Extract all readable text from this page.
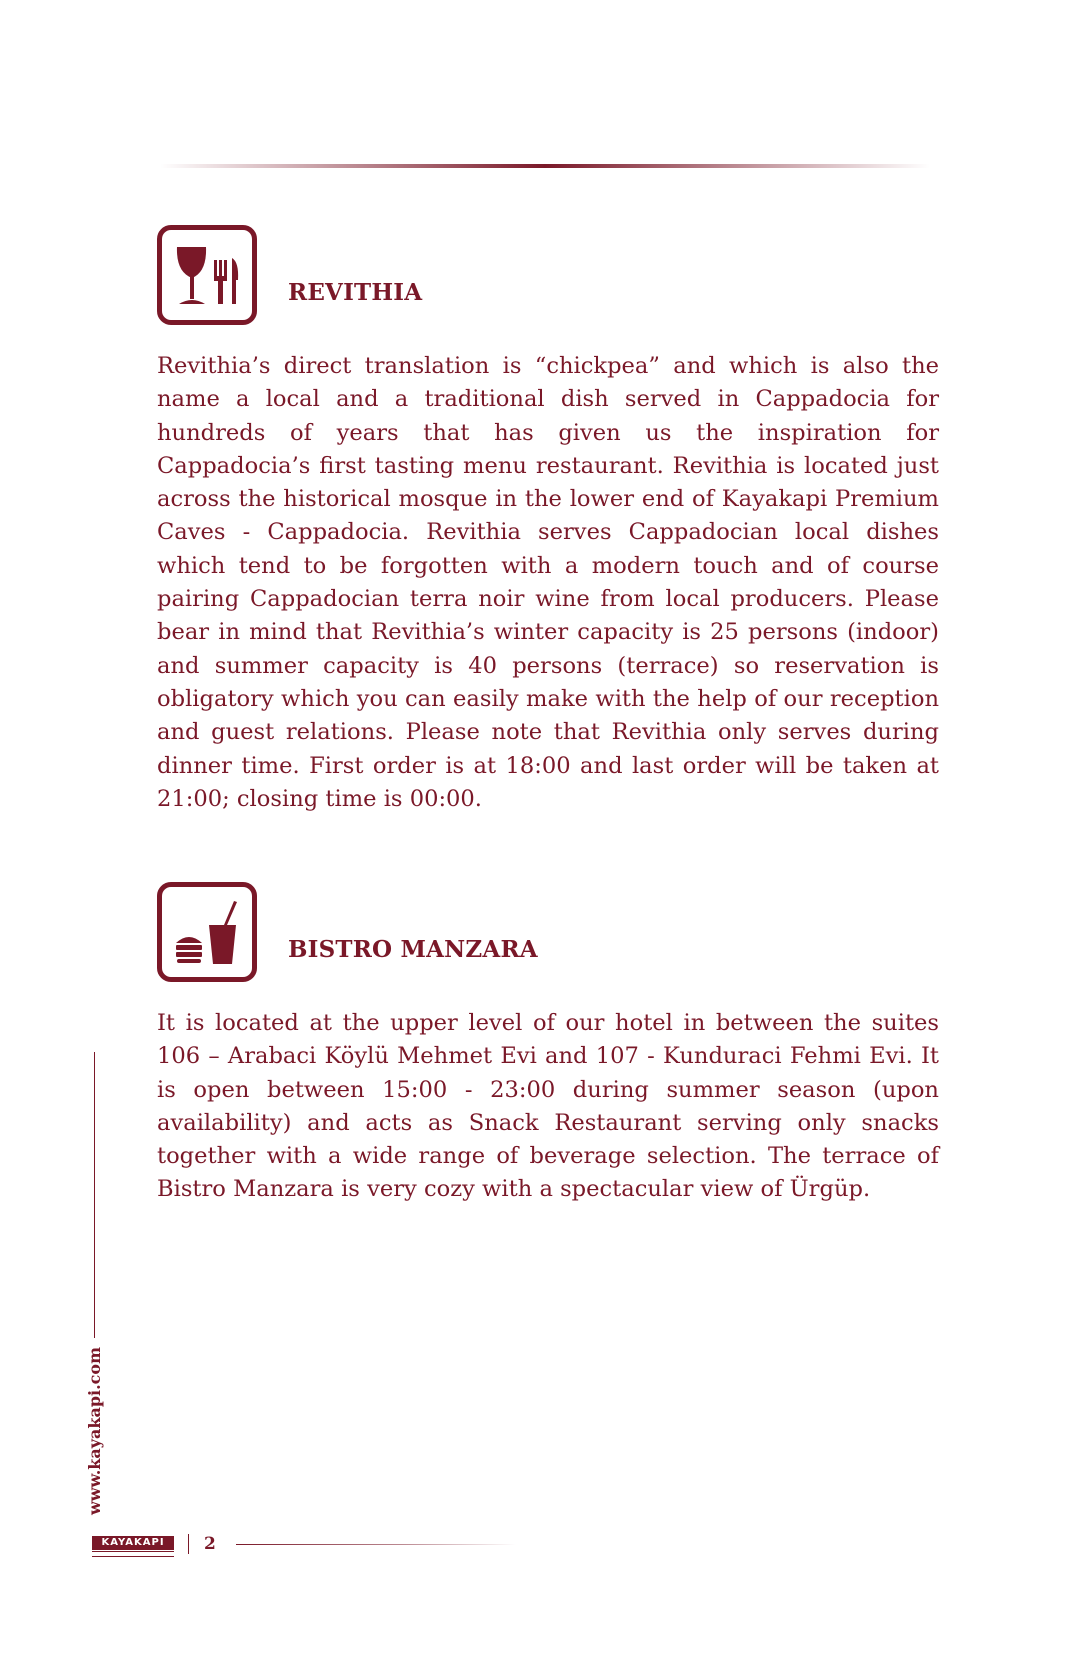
REVITHIA

Revithia’s direct translation is “chickpea” and which is also the name a local and a traditional dish served in Cappadocia for hundreds of years that has given us the inspiration for Cappadocia’s first tasting menu restaurant. Revithia is located just across the historical mosque in the lower end of Kayakapi Premium Caves - Cappadocia. Revithia serves Cappadocian local dishes which tend to be forgotten with a modern touch and of course pairing Cappadocian terra noir wine from local producers. Please bear in mind that Revithia’s winter capacity is 25 persons (indoor) and summer capacity is 40 persons (terrace) so reservation is obligatory which you can easily make with the help of our reception and guest relations. Please note that Revithia only serves during dinner time. First order is at 18:00 and last order will be taken at 21:00; closing time is 00:00.

BISTRO MANZARA

It is located at the upper level of our hotel in between the suites 106 – Arabaci Köylü Mehmet Evi and 107 - Kunduraci Fehmi Evi. It is open between 15:00 - 23:00 during summer season (upon availability) and acts as Snack Restaurant serving only snacks together with a wide range of beverage selection. The terrace of Bistro Manzara is very cozy with a spectacular view of Ürgüp.

www.kayakapi.com
KAYAKAPI	2
